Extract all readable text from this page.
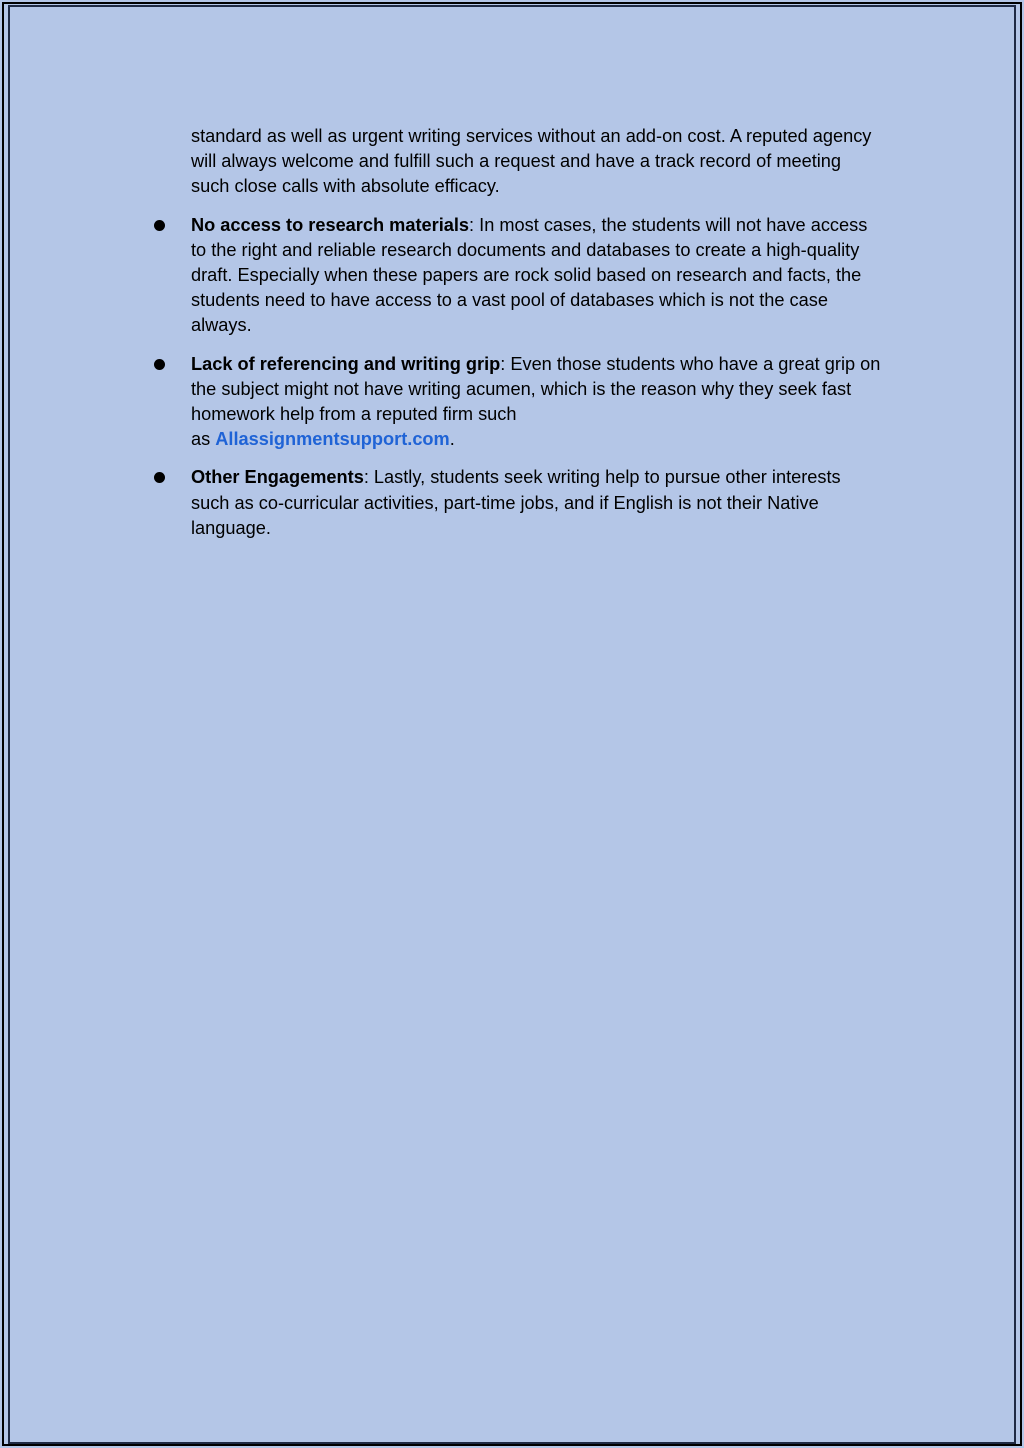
standard as well as urgent writing services without an add-on cost. A reputed agency will always welcome and fulfill such a request and have a track record of meeting such close calls with absolute efficacy.

No access to research materials: In most cases, the students will not have access to the right and reliable research documents and databases to create a high-quality draft. Especially when these papers are rock solid based on research and facts, the students need to have access to a vast pool of databases which is not the case always.
Lack of referencing and writing grip: Even those students who have a great grip on the subject might not have writing acumen, which is the reason why they seek fast homework help from a reputed firm such
as Allassignmentsupport.com.
Other Engagements: Lastly, students seek writing help to pursue other interests such as co-curricular activities, part-time jobs, and if English is not their Native language.
